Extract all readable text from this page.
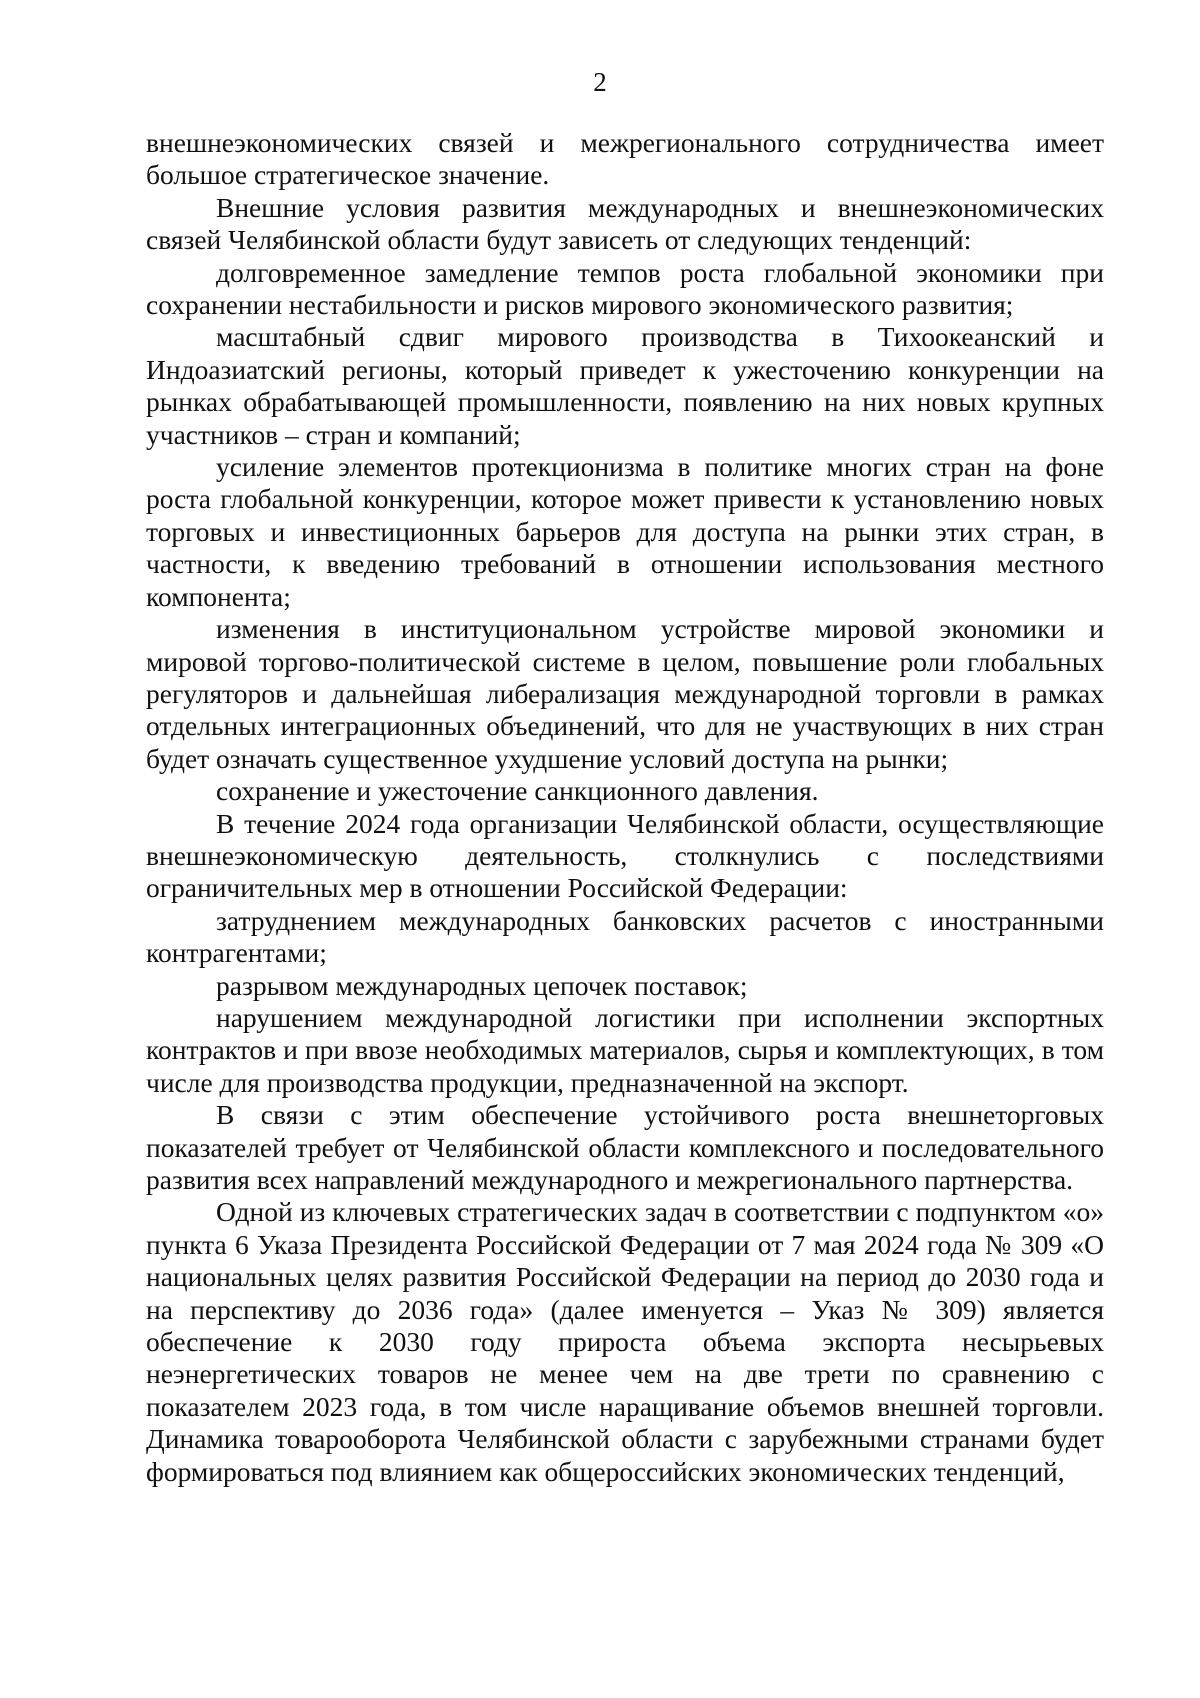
2

внешнеэкономических связей и межрегионального сотрудничества имеет большое стратегическое значение.

Внешние условия развития международных и внешнеэкономических связей Челябинской области будут зависеть от следующих тенденций:

долговременное замедление темпов роста глобальной экономики при сохранении нестабильности и рисков мирового экономического развития;

масштабный сдвиг мирового производства в Тихоокеанский и Индоазиатский регионы, который приведет к ужесточению конкуренции на рынках обрабатывающей промышленности, появлению на них новых крупных участников – стран и компаний;

усиление элементов протекционизма в политике многих стран на фоне роста глобальной конкуренции, которое может привести к установлению новых торговых и инвестиционных барьеров для доступа на рынки этих стран, в частности, к введению требований в отношении использования местного компонента;

изменения в институциональном устройстве мировой экономики и мировой торгово-политической системе в целом, повышение роли глобальных регуляторов и дальнейшая либерализация международной торговли в рамках отдельных интеграционных объединений, что для не участвующих в них стран будет означать существенное ухудшение условий доступа на рынки;

сохранение и ужесточение санкционного давления.

В течение 2024 года организации Челябинской области, осуществляющие внешнеэкономическую деятельность, столкнулись с последствиями ограничительных мер в отношении Российской Федерации:

затруднением международных банковских расчетов с иностранными контрагентами;

разрывом международных цепочек поставок;

нарушением международной логистики при исполнении экспортных контрактов и при ввозе необходимых материалов, сырья и комплектующих, в том числе для производства продукции, предназначенной на экспорт.

В связи с этим обеспечение устойчивого роста внешнеторговых показателей требует от Челябинской области комплексного и последовательного развития всех направлений международного и межрегионального партнерства.

Одной из ключевых стратегических задач в соответствии с подпунктом «о» пункта 6 Указа Президента Российской Федерации от 7 мая 2024 года № 309 «О национальных целях развития Российской Федерации на период до 2030 года и на перспективу до 2036 года» (далее именуется – Указ № 309) является обеспечение к 2030 году прироста объема экспорта несырьевых неэнергетических товаров не менее чем на две трети по сравнению с показателем 2023 года, в том числе наращивание объемов внешней торговли. Динамика товарооборота Челябинской области с зарубежными странами будет формироваться под влиянием как общероссийских экономических тенденций,
